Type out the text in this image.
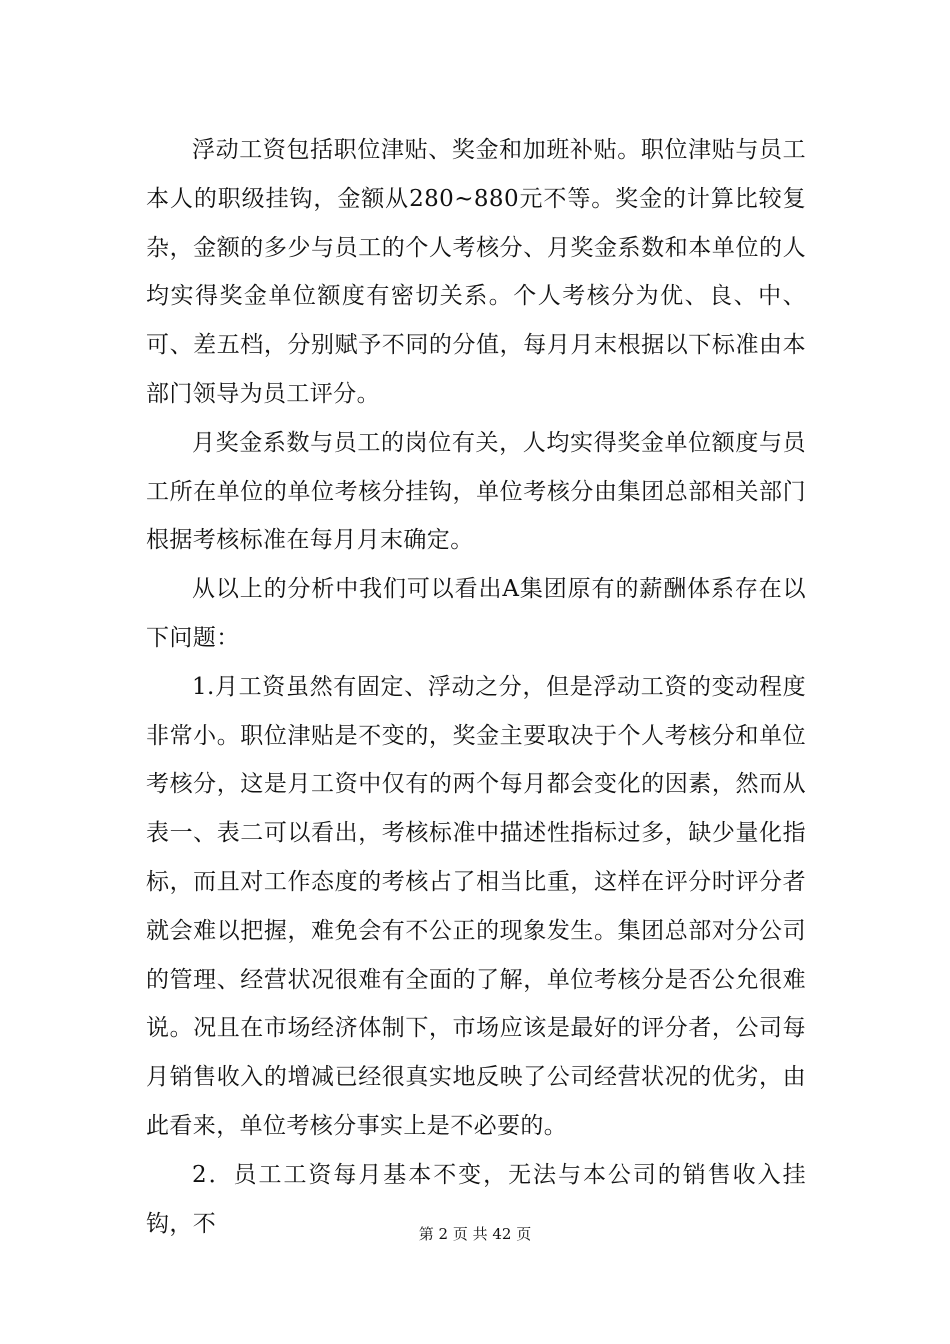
浮动工资包括职位津贴、奖金和加班补贴。职位津贴与员工本人的职级挂钩，金额从280~880元不等。奖金的计算比较复杂，金额的多少与员工的个人考核分、月奖金系数和本单位的人均实得奖金单位额度有密切关系。个人考核分为优、良、中、可、差五档，分别赋予不同的分值，每月月末根据以下标准由本部门领导为员工评分。

月奖金系数与员工的岗位有关，人均实得奖金单位额度与员工所在单位的单位考核分挂钩，单位考核分由集团总部相关部门根据考核标准在每月月末确定。

从以上的分析中我们可以看出A集团原有的薪酬体系存在以下问题：

1.月工资虽然有固定、浮动之分，但是浮动工资的变动程度非常小。职位津贴是不变的，奖金主要取决于个人考核分和单位考核分，这是月工资中仅有的两个每月都会变化的因素，然而从表一、表二可以看出，考核标准中描述性指标过多，缺少量化指标，而且对工作态度的考核占了相当比重，这样在评分时评分者就会难以把握，难免会有不公正的现象发生。集团总部对分公司的管理、经营状况很难有全面的了解，单位考核分是否公允很难说。况且在市场经济体制下，市场应该是最好的评分者，公司每月销售收入的增减已经很真实地反映了公司经营状况的优劣，由此看来，单位考核分事实上是不必要的。

2．员工工资每月基本不变，无法与本公司的销售收入挂钩，不	第 2 页 共 42 页
